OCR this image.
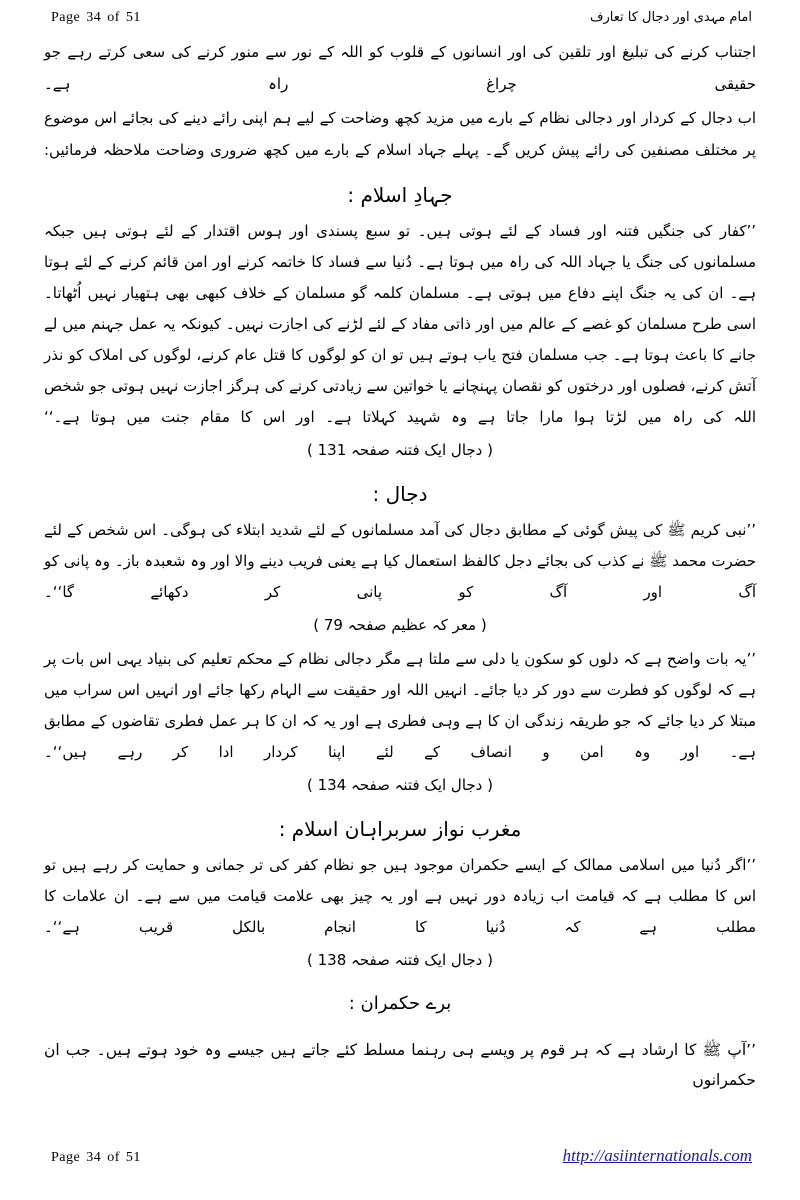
Page 34 of 51	امام مہدی اور دجال کا تعارف

اجتناب کرنے کی تبلیغ اور تلقین کی اور انسانوں کے قلوب کو اللہ کے نور سے منور کرنے کی سعی کرتے رہے جو حقیقی چراغ راہ ہے۔

اب دجال کے کردار اور دجالی نظام کے بارے میں مزید کچھ وضاحت کے لیے ہم اپنی رائے دینے کی بجائے اس موضوع پر مختلف مصنفین کی رائے پیش کریں گے۔ پہلے جہاد اسلام کے بارے میں کچھ ضروری وضاحت ملاحظہ فرمائیں:

جہادِ اسلام :

’’کفار کی جنگیں فتنہ اور فساد کے لئے ہوتی ہیں۔ تو سبع پسندی اور ہوس اقتدار کے لئے ہوتی ہیں جبکہ مسلمانوں کی جنگ یا جہاد اللہ کی راہ میں ہوتا ہے۔ دُنیا سے فساد کا خاتمہ کرنے اور امن قائم کرنے کے لئے ہوتا ہے۔ ان کی یہ جنگ اپنے دفاع میں ہوتی ہے۔ مسلمان کلمہ گو مسلمان کے خلاف کبھی بھی ہتھیار نہیں اُٹھاتا۔ اسی طرح مسلمان کو غصے کے عالم میں اور ذاتی مفاد کے لئے لڑنے کی اجازت نہیں۔ کیونکہ یہ عمل جہنم میں لے جانے کا باعث ہوتا ہے۔ جب مسلمان فتح یاب ہوتے ہیں تو ان کو لوگوں کا قتل عام کرنے، لوگوں کی املاک کو نذر آتش کرنے، فصلوں اور درختوں کو نقصان پہنچانے یا خواتین سے زیادتی کرنے کی ہرگز اجازت نہیں ہوتی جو شخص اللہ کی راہ میں لڑتا ہوا مارا جاتا ہے وہ شہید کہلاتا ہے۔ اور اس کا مقام جنت میں ہوتا ہے۔‘‘

( دجال ایک فتنہ صفحہ 131 )
دجال :

’’نبی کریم ﷺ کی پیش گوئی کے مطابق دجال کی آمد مسلمانوں کے لئے شدید ابتلاء کی ہوگی۔ اس شخص کے لئے حضرت محمد ﷺ نے کذب کی بجائے دجل کالفظ استعمال کیا ہے یعنی فریب دینے والا اور وہ شعبدہ باز۔ وہ پانی کو آگ اور آگ کو پانی کر دکھائے گا‘‘۔

( معر کہ عظیم صفحہ 79 )

’’یہ بات واضح ہے کہ دلوں کو سکون یا دلی سے ملتا ہے مگر دجالی نظام کے محکم تعلیم کی بنیاد یہی اس بات پر ہے کہ لوگوں کو فطرت سے دور کر دیا جائے۔ انہیں اللہ اور حقیقت سے الہام رکھا جائے اور انہیں اس سراب میں مبتلا کر دیا جائے کہ جو طریقہ زندگی ان کا ہے وہی فطری ہے اور یہ کہ ان کا ہر عمل فطری تقاضوں کے مطابق ہے۔ اور وہ امن و انصاف کے لئے اپنا کردار ادا کر رہے ہیں‘‘۔

( دجال ایک فتنہ صفحہ 134 )
مغرب نواز سربراہان اسلام :

’’اگر دُنیا میں اسلامی ممالک کے ایسے حکمران موجود ہیں جو نظام کفر کی تر جمانی و حمایت کر رہے ہیں تو اس کا مطلب ہے کہ قیامت اب زیادہ دور نہیں ہے اور یہ چیز بھی علامت قیامت میں سے ہے۔ ان علامات کا مطلب ہے کہ دُنیا کا انجام بالکل قریب ہے‘‘۔

( دجال ایک فتنہ صفحہ 138 )
برے حکمران :

’’آپ ﷺ کا ارشاد ہے کہ ہر قوم پر ویسے ہی رہنما مسلط کئے جاتے ہیں جیسے وہ خود ہوتے ہیں۔ جب ان حکمرانوں

Page 34 of 51	http://asiinternationals.com
